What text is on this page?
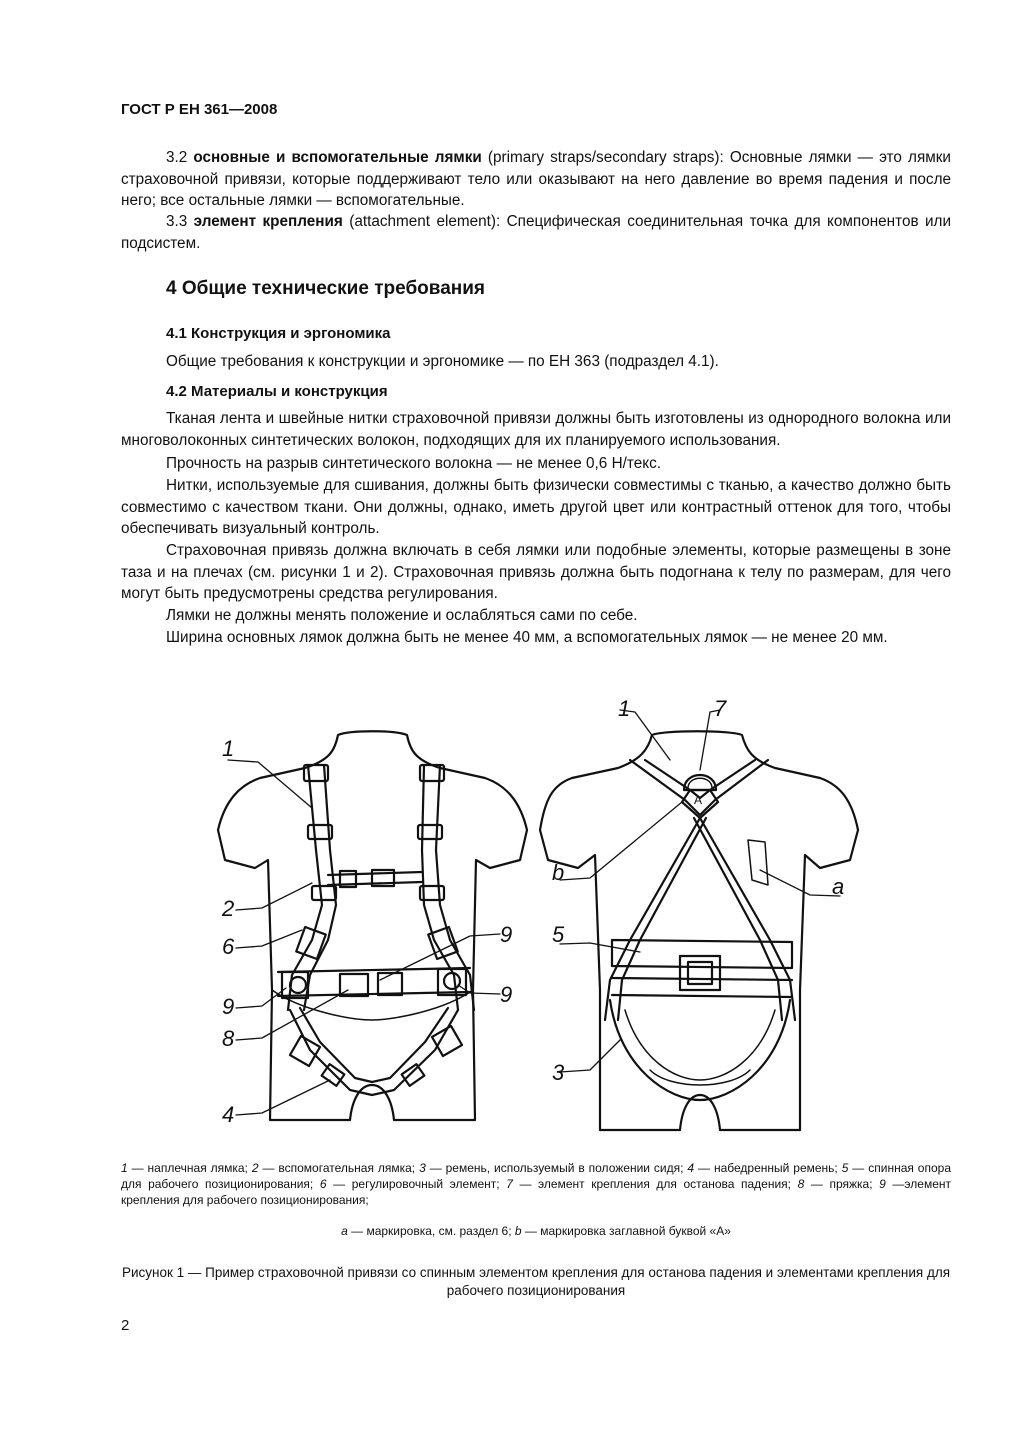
ГОСТ Р ЕН 361—2008

3.2 основные и вспомогательные лямки (primary straps/secondary straps): Основные лямки — это лямки страховочной привязи, которые поддерживают тело или оказывают на него давление во время падения и после него; все остальные лямки — вспомогательные.

3.3 элемент крепления (attachment element): Специфическая соединительная точка для компонентов или подсистем.

4 Общие технические требования
4.1 Конструкция и эргономика

Общие требования к конструкции и эргономике — по ЕН 363 (подраздел 4.1).

4.2 Материалы и конструкция

Тканая лента и швейные нитки страховочной привязи должны быть изготовлены из однородного волокна или многоволоконных синтетических волокон, подходящих для их планируемого использования.

Прочность на разрыв синтетического волокна — не менее 0,6 Н/текс.

Нитки, используемые для сшивания, должны быть физически совместимы с тканью, а качество должно быть совместимо с качеством ткани. Они должны, однако, иметь другой цвет или контрастный оттенок для того, чтобы обеспечивать визуальный контроль.

Страховочная привязь должна включать в себя лямки или подобные элементы, которые размещены в зоне таза и на плечах (см. рисунки 1 и 2). Страховочная привязь должна быть подогнана к телу по размерам, для чего могут быть предусмотрены средства регулирования.

Лямки не должны менять положение и ослабляться сами по себе.

Ширина основных лямок должна быть не менее 40 мм, а вспомогательных лямок — не менее 20 мм.

A
1
2
6
9
8
4
9
9
1	7
b
a
5
3
1 — наплечная лямка; 2 — вспомогательная лямка; 3 — ремень, используемый в положении сидя; 4 — набедренный ремень; 5 — спинная опора для рабочего позиционирования; 6 — регулировочный элемент; 7 — элемент крепления для останова падения; 8 — пряжка; 9 —элемент крепления для рабочего позиционирования;
a — маркировка, см. раздел 6; b — маркировка заглавной буквой «А»
Рисунок 1 — Пример страховочной привязи со спинным элементом крепления для останова падения и элементами крепления для рабочего позиционирования
2
